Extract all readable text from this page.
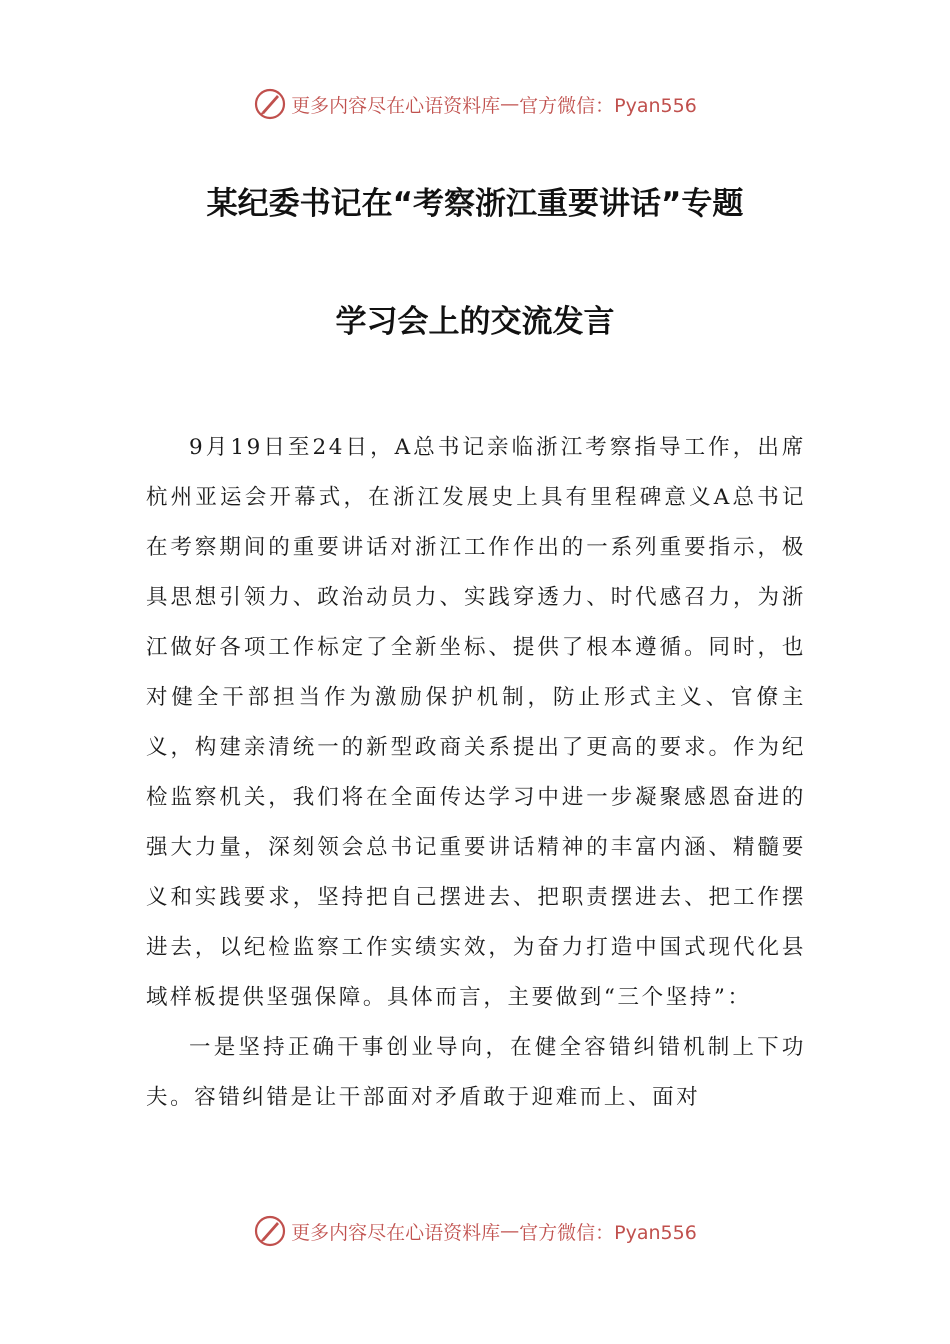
更多内容尽在心语资料库 — 官方微信：Pyan556
某纪委书记在“考察浙江重要讲话”专题
学习会上的交流发言

9月19日至24日，A总书记亲临浙江考察指导工作，出席杭州亚运会开幕式，在浙江发展史上具有里程碑意义A总书记在考察期间的重要讲话对浙江工作作出的一系列重要指示，极具思想引领力、政治动员力、实践穿透力、时代感召力，为浙江做好各项工作标定了全新坐标、提供了根本遵循。同时，也对健全干部担当作为激励保护机制，防止形式主义、官僚主义，构建亲清统一的新型政商关系提出了更高的要求。作为纪检监察机关，我们将在全面传达学习中进一步凝聚感恩奋进的强大力量，深刻领会总书记重要讲话精神的丰富内涵、精髓要义和实践要求，坚持把自己摆进去、把职责摆进去、把工作摆进去，以纪检监察工作实绩实效，为奋力打造中国式现代化县域样板提供坚强保障。具体而言，主要做到“三个坚持”：

一是坚持正确干事创业导向，在健全容错纠错机制上下功夫。容错纠错是让干部面对矛盾敢于迎难而上、面对

更多内容尽在心语资料库 — 官方微信：Pyan556
